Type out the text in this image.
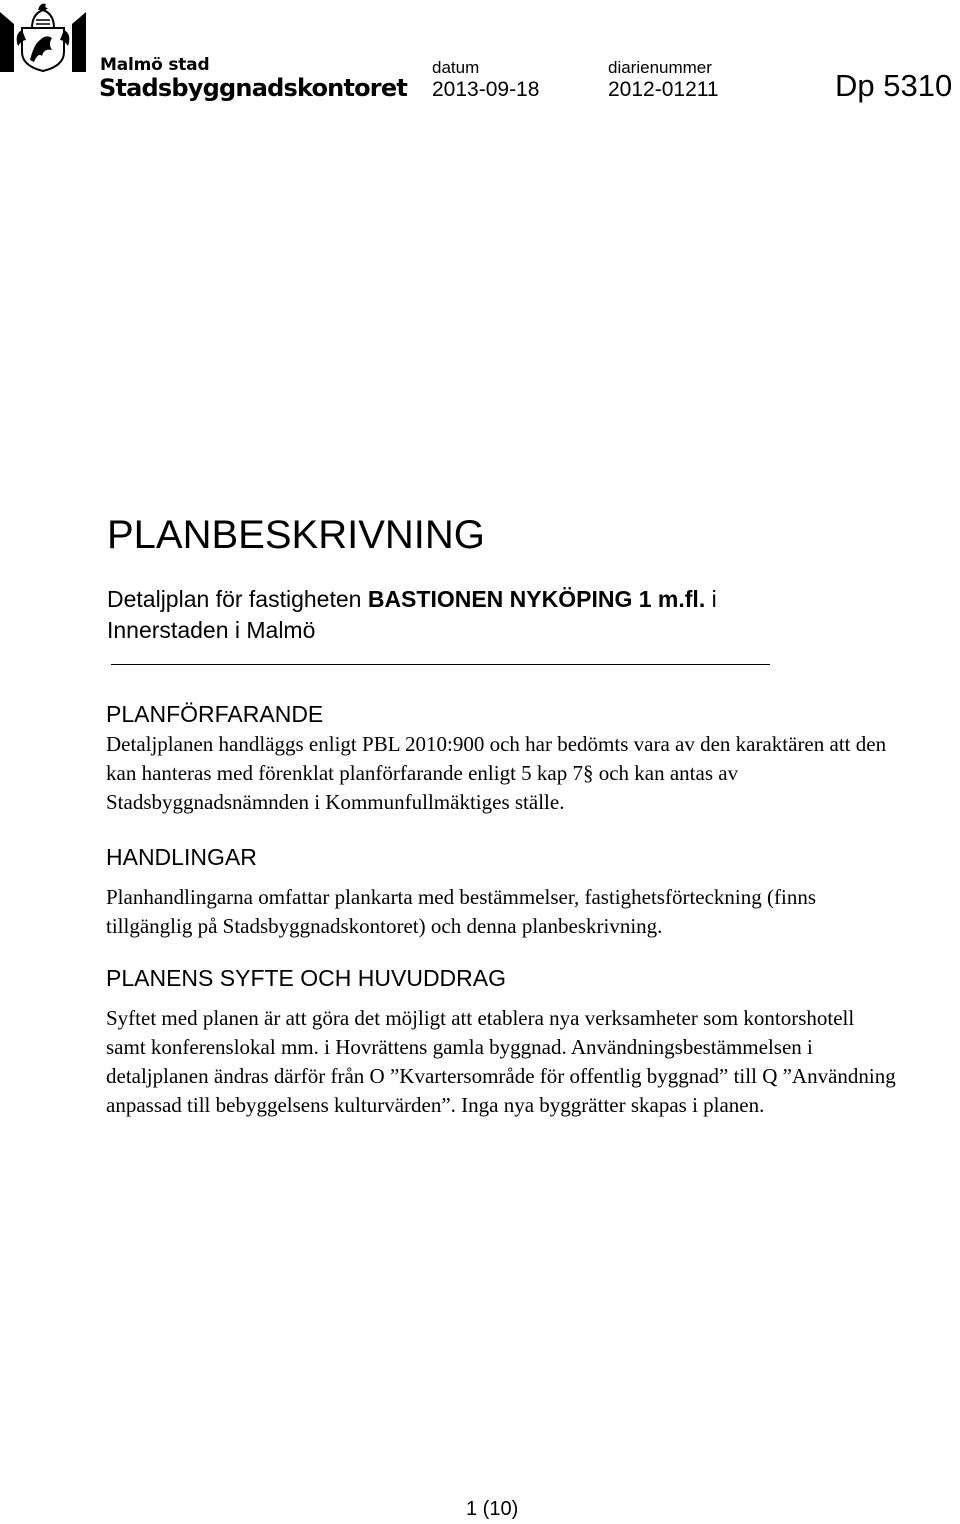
Malmö stad
Stadsbyggnadskontoret
datum
2013-09-18
diarienummer
2012-01211	Dp 5310
PLANBESKRIVNING
Detaljplan för fastigheten BASTIONEN NYKÖPING 1 m.fl. i Innerstaden i Malmö
PLANFÖRFARANDE
Detaljplanen handläggs enligt PBL 2010:900 och har bedömts vara av den karaktären att den kan hanteras med förenklat planförfarande enligt 5 kap 7§ och kan antas av Stadsbyggnadsnämnden i Kommunfullmäktiges ställe.
HANDLINGAR
Planhandlingarna omfattar plankarta med bestämmelser, fastighetsförteckning (finns tillgänglig på Stadsbyggnadskontoret) och denna planbeskrivning.
PLANENS SYFTE OCH HUVUDDRAG
Syftet med planen är att göra det möjligt att etablera nya verksamheter som kontorshotell samt konferenslokal mm. i Hovrättens gamla byggnad. Användningsbestämmelsen i detaljplanen ändras därför från O ”Kvartersområde för offentlig byggnad” till Q ”Användning anpassad till bebyggelsens kulturvärden”. Inga nya byggrätter skapas i planen.
1 (10)
